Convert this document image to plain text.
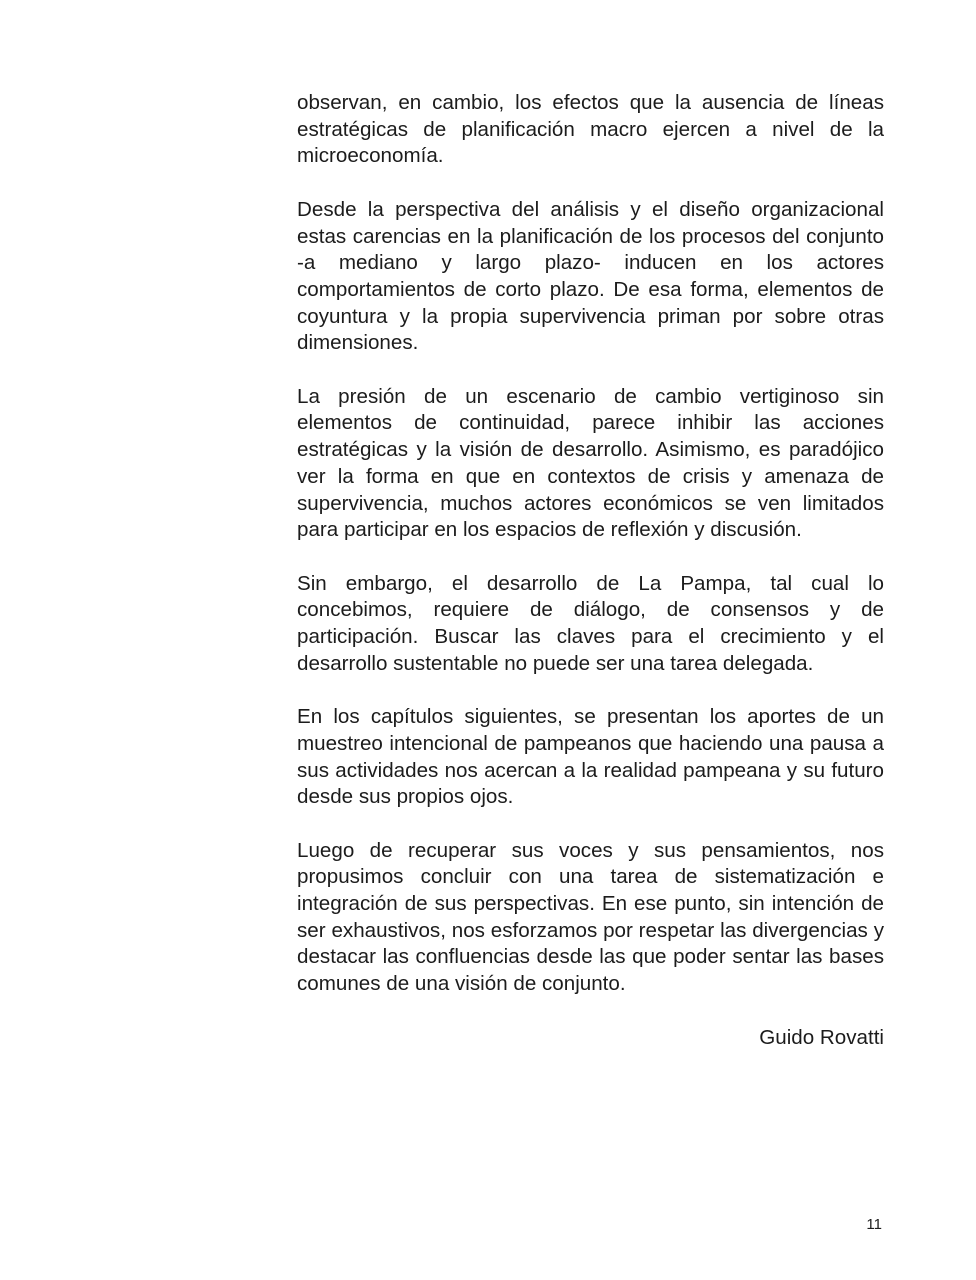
observan, en cambio, los efectos que la ausencia de líneas estratégicas de planificación macro ejercen a nivel de la microeconomía.

Desde la perspectiva del análisis y el diseño organizacional estas carencias en la planificación de los procesos del conjunto -a mediano y largo plazo- inducen en los actores comportamientos de corto plazo. De esa forma, elementos de coyuntura y la propia supervivencia priman por sobre otras dimensiones.

La presión de un escenario de cambio vertiginoso sin elementos de continuidad, parece inhibir las acciones estratégicas y la visión de desarrollo. Asimismo, es paradójico ver la forma en que en contextos de crisis y amenaza de supervivencia, muchos actores económicos se ven limitados para participar en los espacios de reflexión y discusión.

Sin embargo, el desarrollo de La Pampa, tal cual lo concebimos, requiere de diálogo, de consensos y de participación. Buscar las claves para el crecimiento y el desarrollo sustentable no puede ser una tarea delegada.

En los capítulos siguientes, se presentan los aportes de un muestreo intencional de pampeanos que haciendo una pausa a sus actividades nos acercan a la realidad pampeana y su futuro desde sus propios ojos.

Luego de recuperar sus voces y sus pensamientos, nos propusimos concluir con una tarea de sistematización e integración de sus perspectivas. En ese punto, sin intención de ser exhaustivos, nos esforzamos por respetar las divergencias y destacar las confluencias desde las que poder sentar las bases comunes de una visión de conjunto.

Guido Rovatti

11
